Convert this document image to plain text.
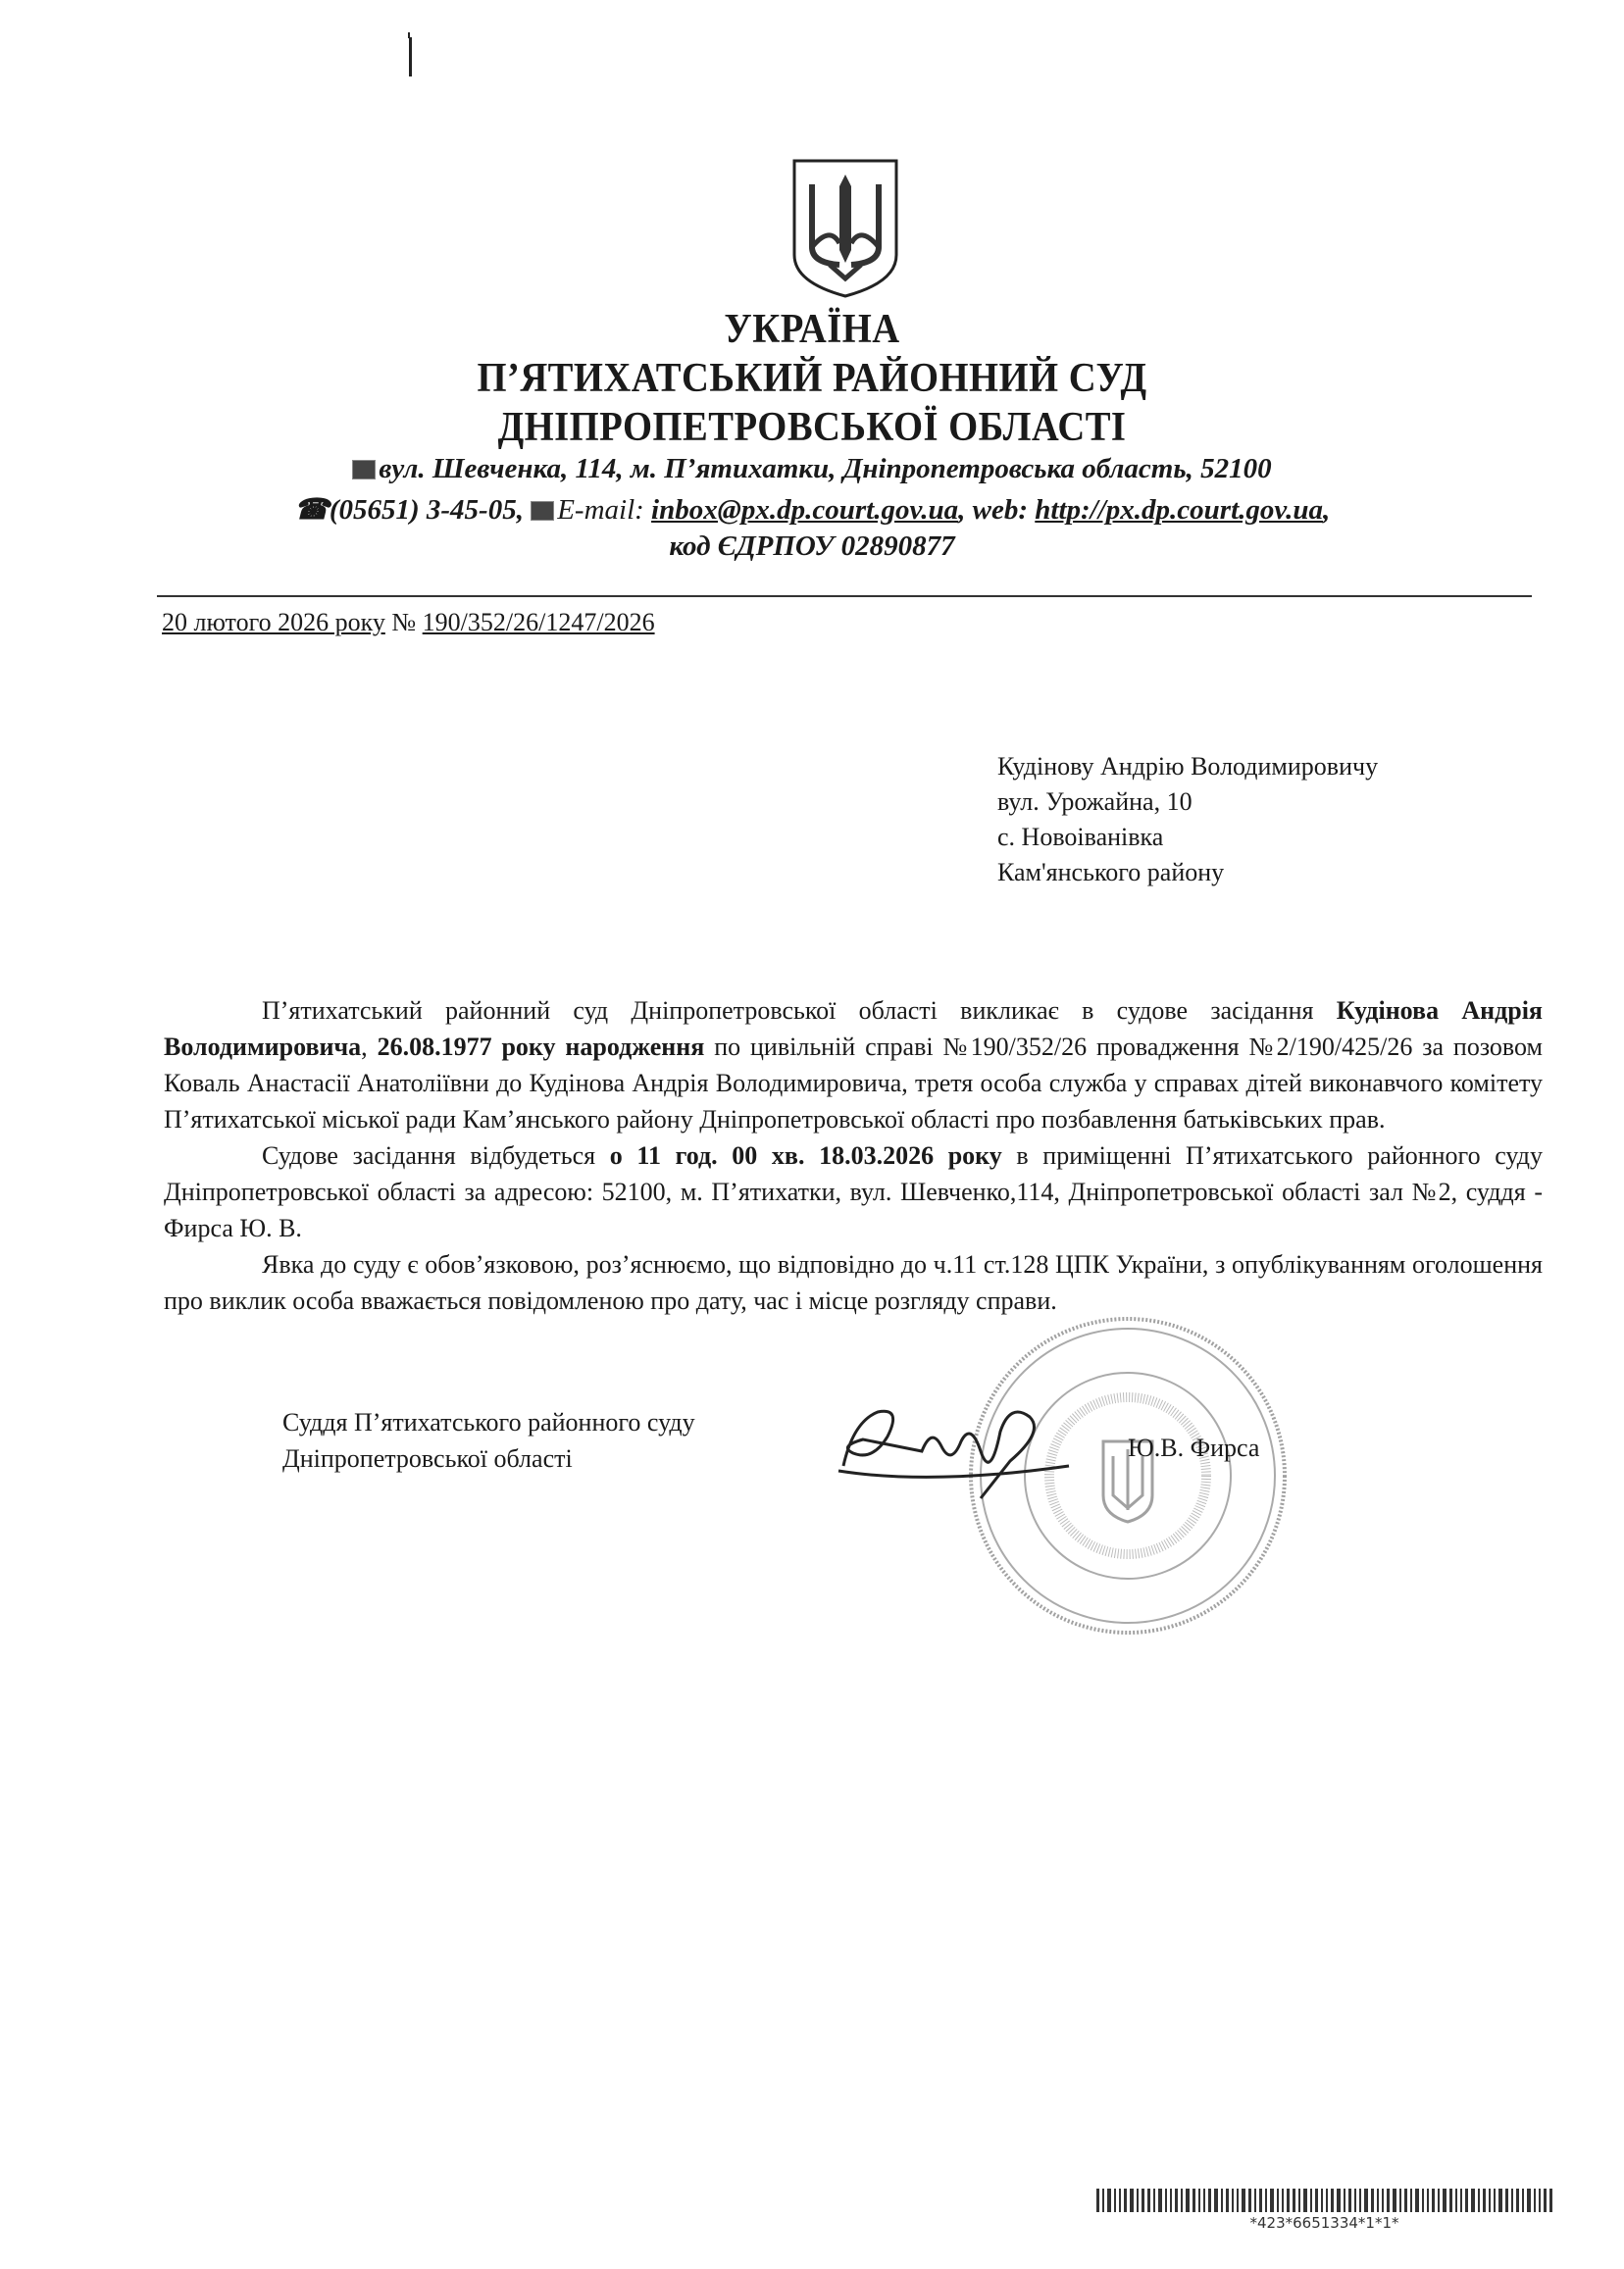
УКРАЇНА
П’ЯТИХАТСЬКИЙ РАЙОННИЙ СУД
ДНІПРОПЕТРОВСЬКОЇ ОБЛАСТІ
вул. Шевченка, 114, м. П’ятихатки, Дніпропетровська область, 52100
☎(05651) 3-45-05, E-mail: inbox@px.dp.court.gov.ua, web: http://px.dp.court.gov.ua,
код ЄДРПОУ 02890877
20 лютого 2026 року № 190/352/26/1247/2026
Кудінову Андрію Володимировичу
вул. Урожайна, 10
с. Новоіванівка
Кам'янського району

П’ятихатський районний суд Дніпропетровської області викликає в судове засідання Кудінова Андрія Володимировича, 26.08.1977 року народження по цивільній справі №190/352/26 провадження №2/190/425/26 за позовом Коваль Анастасії Анатоліївни до Кудінова Андрія Володимировича, третя особа служба у справах дітей виконавчого комітету П’ятихатської міської ради Кам’янського району Дніпропетровської області про позбавлення батьківських прав.

Судове засідання відбудеться о 11 год. 00 хв. 18.03.2026 року в приміщенні П’ятихатського районного суду Дніпропетровської області за адресою: 52100, м. П’ятихатки, вул. Шевченко,114, Дніпропетровської області зал №2, суддя - Фирса Ю. В.

Явка до суду є обов’язковою, роз’яснюємо, що відповідно до ч.11 ст.128 ЦПК України, з опублікуванням оголошення про виклик особа вважається повідомленою про дату, час і місце розгляду справи.

Суддя П’ятихатського районного суду
Дніпропетровської області	Ю.В. Фирса
*423*6651334*1*1*
